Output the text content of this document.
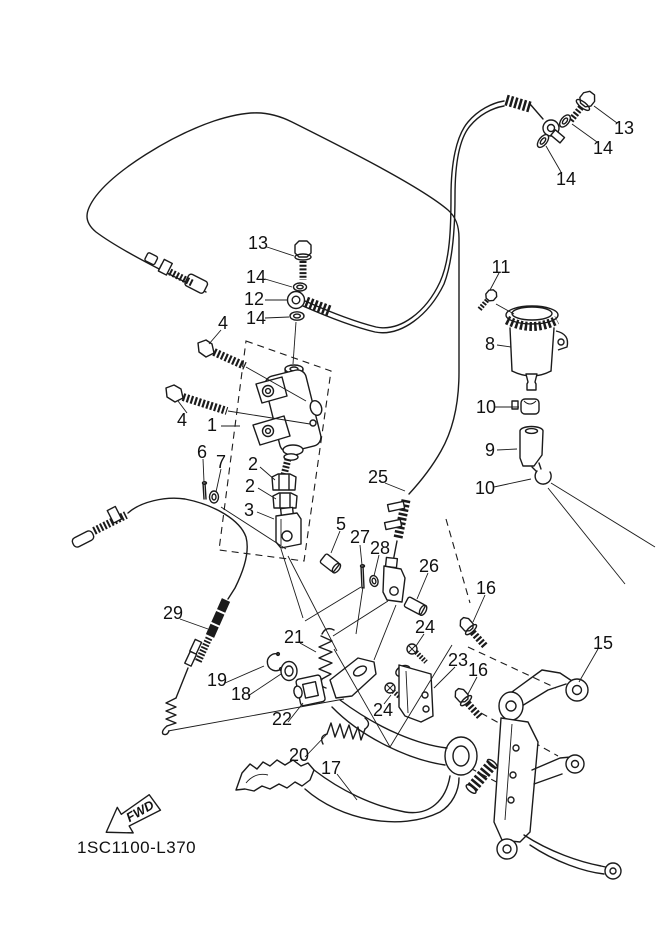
13
14
14
13
14
12
14
4
4 1
6 7 2
2
3
5
25
27
28
11
8
10
9
10
26
16
24
23 16
15
24
29
21
19
18
22
20
17
FWD
1SC1100-L370
